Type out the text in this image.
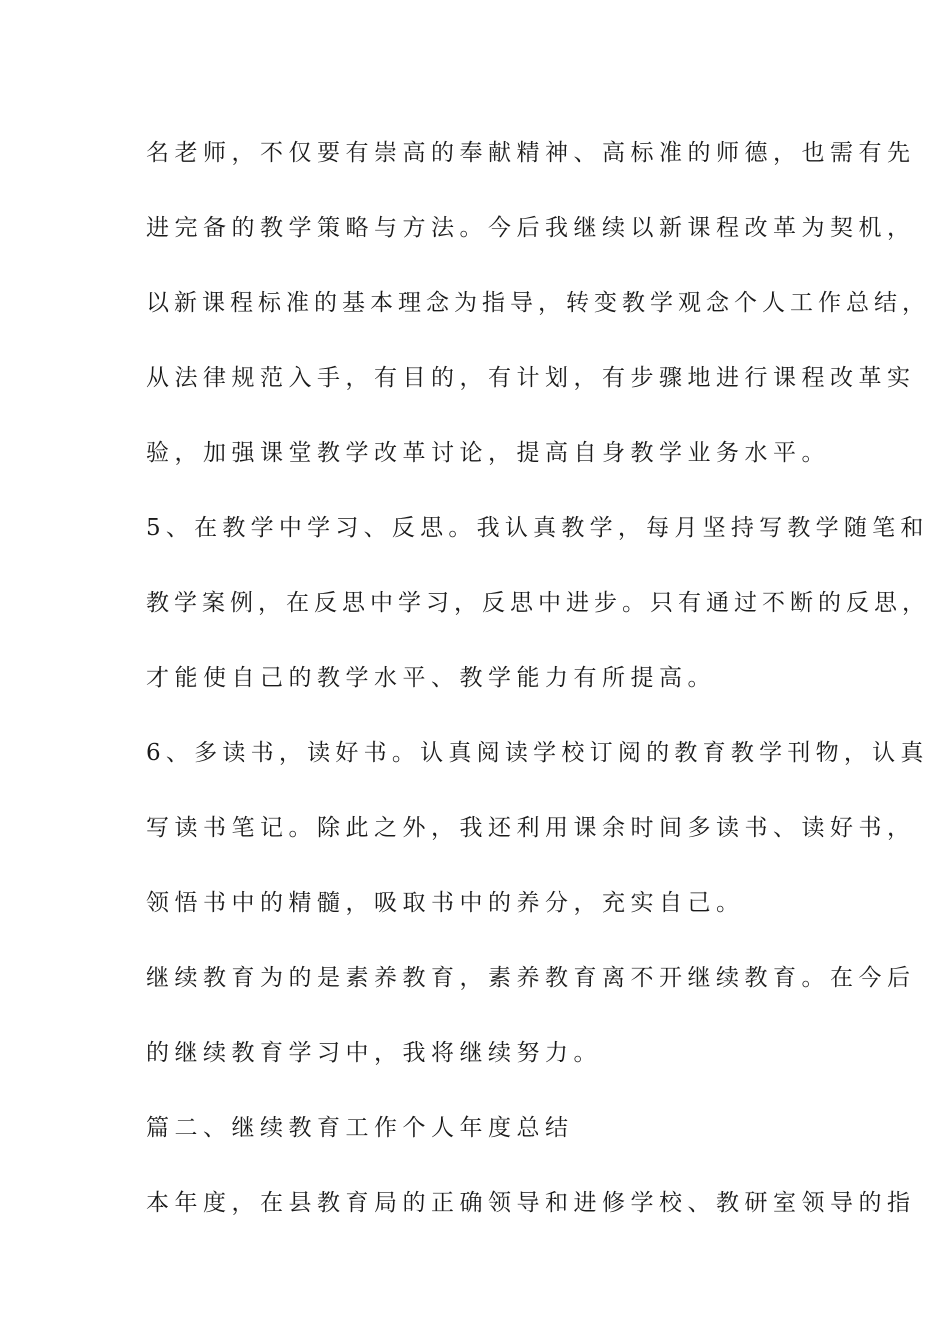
名老师，不仅要有崇高的奉献精神、高标准的师德，也需有先
进完备的教学策略与方法。今后我继续以新课程改革为契机，
以新课程标准的基本理念为指导，转变教学观念个人工作总结，
从法律规范入手，有目的，有计划，有步骤地进行课程改革实
验，加强课堂教学改革讨论，提高自身教学业务水平。
5、在教学中学习、反思。我认真教学，每月坚持写教学随笔和
教学案例，在反思中学习，反思中进步。只有通过不断的反思，
才能使自己的教学水平、教学能力有所提高。
6、多读书，读好书。认真阅读学校订阅的教育教学刊物，认真
写读书笔记。除此之外，我还利用课余时间多读书、读好书，
领悟书中的精髓，吸取书中的养分，充实自己。
继续教育为的是素养教育，素养教育离不开继续教育。在今后
的继续教育学习中，我将继续努力。
篇二、继续教育工作个人年度总结
本年度，在县教育局的正确领导和进修学校、教研室领导的指
